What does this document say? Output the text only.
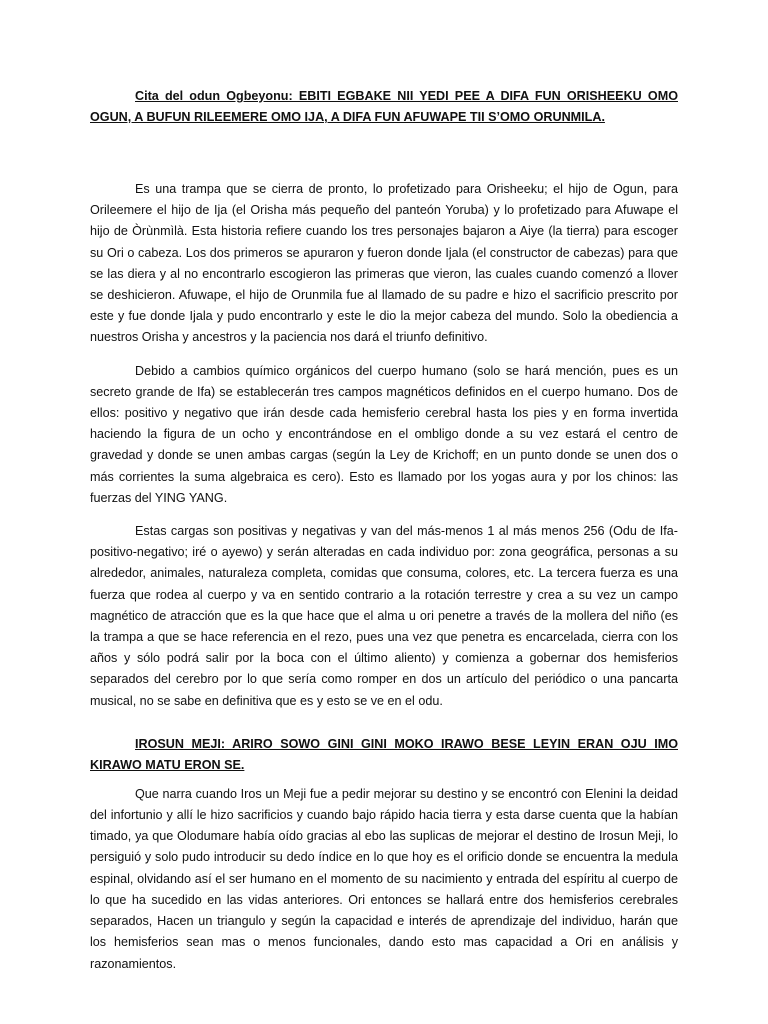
Cita del odun Ogbeyonu: EBITI EGBAKE NII YEDI PEE A DIFA FUN ORISHEEKU OMO OGUN, A BUFUN RILEEMERE OMO IJA, A DIFA FUN AFUWAPE TII S’OMO ORUNMILA.

Es una trampa que se cierra de pronto, lo profetizado para Orisheeku; el hijo de Ogun, para Orileemere el hijo de Ija (el Orisha más pequeño del panteón Yoruba) y lo profetizado para Afuwape el hijo de Òrùnmìlà. Esta historia refiere cuando los tres personajes bajaron a Aiye (la tierra) para escoger su Ori o cabeza. Los dos primeros se apuraron y fueron donde Ijala (el constructor de cabezas) para que se las diera y al no encontrarlo escogieron las primeras que vieron, las cuales cuando comenzó a llover se deshicieron. Afuwape, el hijo de Orunmila fue al llamado de su padre e hizo el sacrificio prescrito por este y fue donde Ijala y pudo encontrarlo y este le dio la mejor cabeza del mundo. Solo la obediencia a nuestros Orisha y ancestros y la paciencia nos dará el triunfo definitivo.

Debido a cambios químico orgánicos del cuerpo humano (solo se hará mención, pues es un secreto grande de Ifa) se establecerán tres campos magnéticos definidos en el cuerpo humano. Dos de ellos: positivo y negativo que irán desde cada hemisferio cerebral hasta los pies y en forma invertida haciendo la figura de un ocho y encontrándose en el ombligo donde a su vez estará el centro de gravedad y donde se unen ambas cargas (según la Ley de Krichoff; en un punto donde se unen dos o más corrientes la suma algebraica es cero). Esto es llamado por los yogas aura y por los chinos: las fuerzas del YING YANG.

Estas cargas son positivas y negativas y van del más-menos 1 al más menos 256 (Odu de Ifa-positivo-negativo; iré o ayewo) y serán alteradas en cada individuo por: zona geográfica, personas a su alrededor, animales, naturaleza completa, comidas que consuma, colores, etc. La tercera fuerza es una fuerza que rodea al cuerpo y va en sentido contrario a la rotación terrestre y crea a su vez un campo magnético de atracción que es la que hace que el alma u ori penetre a través de la mollera del niño (es la trampa a que se hace referencia en el rezo, pues una vez que penetra es encarcelada, cierra con los años y sólo podrá salir por la boca con el último aliento) y comienza a gobernar dos hemisferios separados del cerebro por lo que sería como romper en dos un artículo del periódico o una pancarta musical, no se sabe en definitiva que es y esto se ve en el odu.

IROSUN MEJI: ARIRO SOWO GINI GINI MOKO IRAWO BESE LEYIN ERAN OJU IMO KIRAWO MATU ERON SE.

Que narra cuando Iros un Meji fue a pedir mejorar su destino y se encontró con Elenini la deidad del infortunio y allí le hizo sacrificios y cuando bajo rápido hacia tierra y esta darse cuenta que la habían timado, ya que Olodumare había oído gracias al ebo las suplicas de mejorar el destino de Irosun Meji, lo persiguió y solo pudo introducir su dedo índice en lo que hoy es el orificio donde se encuentra la medula espinal, olvidando así el ser humano en el momento de su nacimiento y entrada del espíritu al cuerpo de lo que ha sucedido en las vidas anteriores. Ori entonces se hallará entre dos hemisferios cerebrales separados, Hacen un triangulo y según la capacidad e interés de aprendizaje del individuo, harán que los hemisferios sean mas o menos funcionales, dando esto mas capacidad a Ori en análisis y razonamientos.
